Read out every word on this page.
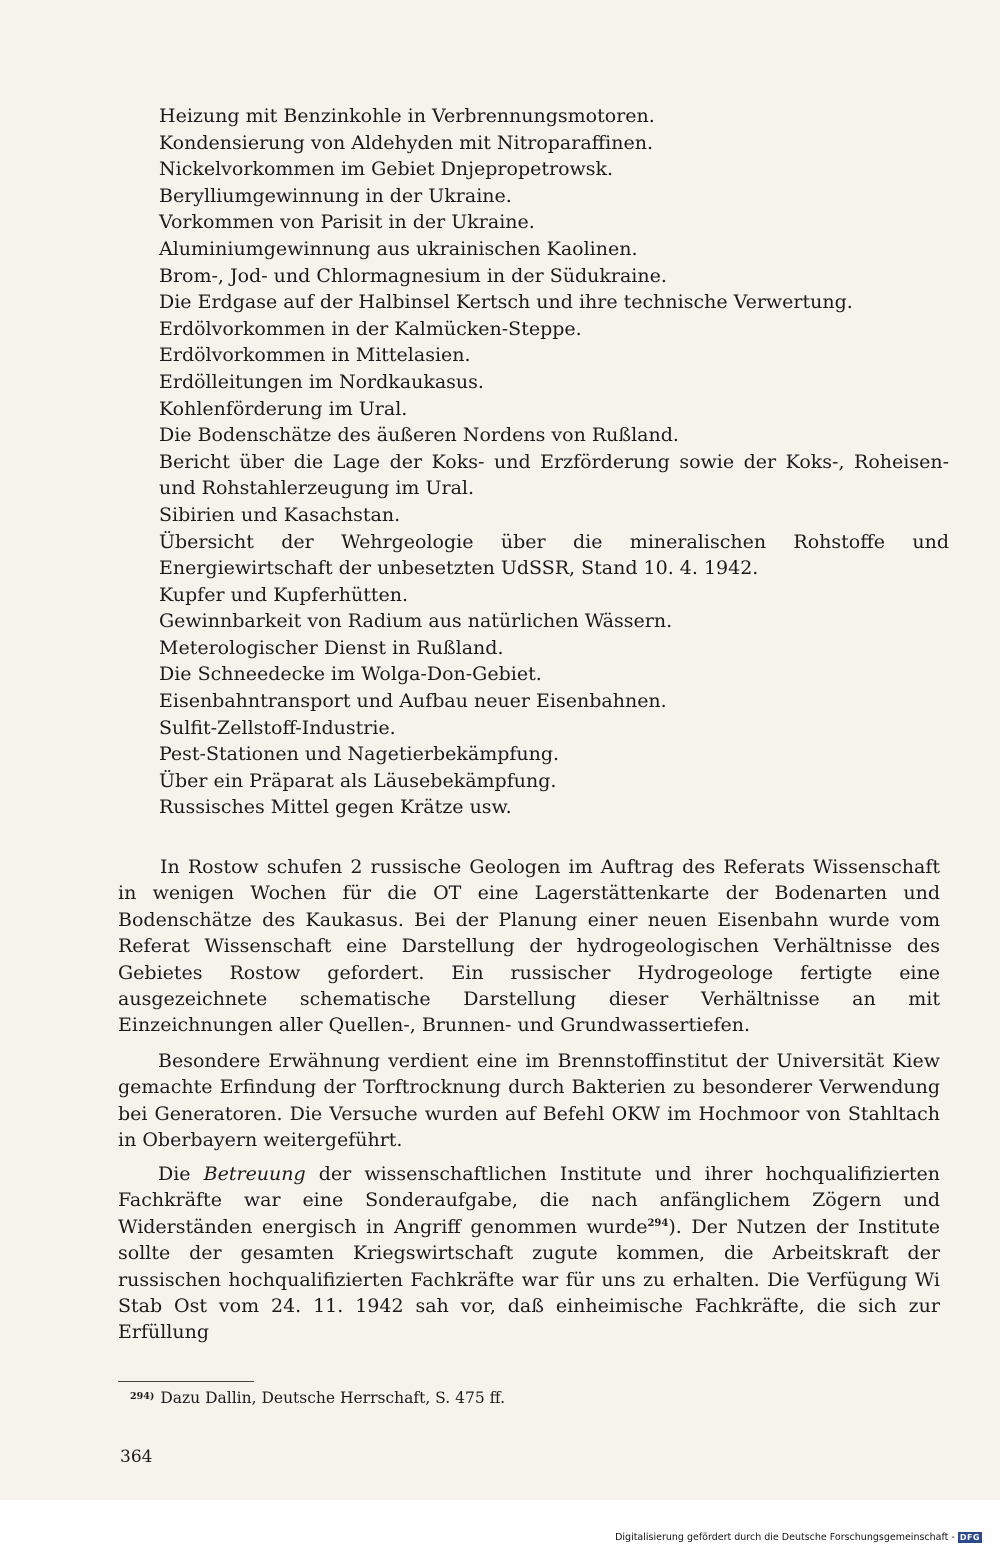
Heizung mit Benzinkohle in Verbrennungsmotoren.
Kondensierung von Aldehyden mit Nitroparaffinen.
Nickelvorkommen im Gebiet Dnjepropetrowsk.
Berylliumgewinnung in der Ukraine.
Vorkommen von Parisit in der Ukraine.
Aluminiumgewinnung aus ukrainischen Kaolinen.
Brom-, Jod- und Chlormagnesium in der Südukraine.
Die Erdgase auf der Halbinsel Kertsch und ihre technische Verwertung.
Erdölvorkommen in der Kalmücken-Steppe.
Erdölvorkommen in Mittelasien.
Erdölleitungen im Nordkaukasus.
Kohlenförderung im Ural.
Die Bodenschätze des äußeren Nordens von Rußland.
Bericht über die Lage der Koks- und Erzförderung sowie der Koks-, Roheisen- und Rohstahlerzeugung im Ural.
Sibirien und Kasachstan.
Übersicht der Wehrgeologie über die mineralischen Rohstoffe und Energiewirtschaft der unbesetzten UdSSR, Stand 10. 4. 1942.
Kupfer und Kupferhütten.
Gewinnbarkeit von Radium aus natürlichen Wässern.
Meterologischer Dienst in Rußland.
Die Schneedecke im Wolga-Don-Gebiet.
Eisenbahntransport und Aufbau neuer Eisenbahnen.
Sulfit-Zellstoff-Industrie.
Pest-Stationen und Nagetierbekämpfung.
Über ein Präparat als Läusebekämpfung.
Russisches Mittel gegen Krätze usw.

In Rostow schufen 2 russische Geologen im Auftrag des Referats Wissenschaft in wenigen Wochen für die OT eine Lagerstättenkarte der Bodenarten und Bodenschätze des Kaukasus. Bei der Planung einer neuen Eisenbahn wurde vom Referat Wissenschaft eine Darstellung der hydrogeologischen Verhältnisse des Gebietes Rostow gefordert. Ein russischer Hydrogeologe fertigte eine ausgezeichnete schematische Darstellung dieser Verhältnisse an mit Einzeichnungen aller Quellen-, Brunnen- und Grundwassertiefen.

Besondere Erwähnung verdient eine im Brennstoffinstitut der Universität Kiew gemachte Erfindung der Torftrocknung durch Bakterien zu besonderer Verwendung bei Generatoren. Die Versuche wurden auf Befehl OKW im Hochmoor von Stahltach in Oberbayern weitergeführt.

Die Betreuung der wissenschaftlichen Institute und ihrer hochqualifizierten Fachkräfte war eine Sonderaufgabe, die nach anfänglichem Zögern und Widerständen energisch in Angriff genommen wurde$^{294}$). Der Nutzen der Institute sollte der gesamten Kriegswirtschaft zugute kommen, die Arbeitskraft der russischen hochqualifizierten Fachkräfte war für uns zu erhalten. Die Verfügung Wi Stab Ost vom 24. 11. 1942 sah vor, daß einheimische Fachkräfte, die sich zur Erfüllung

$^{294)}$ Dazu Dallin, Deutsche Herrschaft, S. 475 ff.
364
Digitalisierung gefördert durch die Deutsche Forschungsgemeinschaft - DFG
